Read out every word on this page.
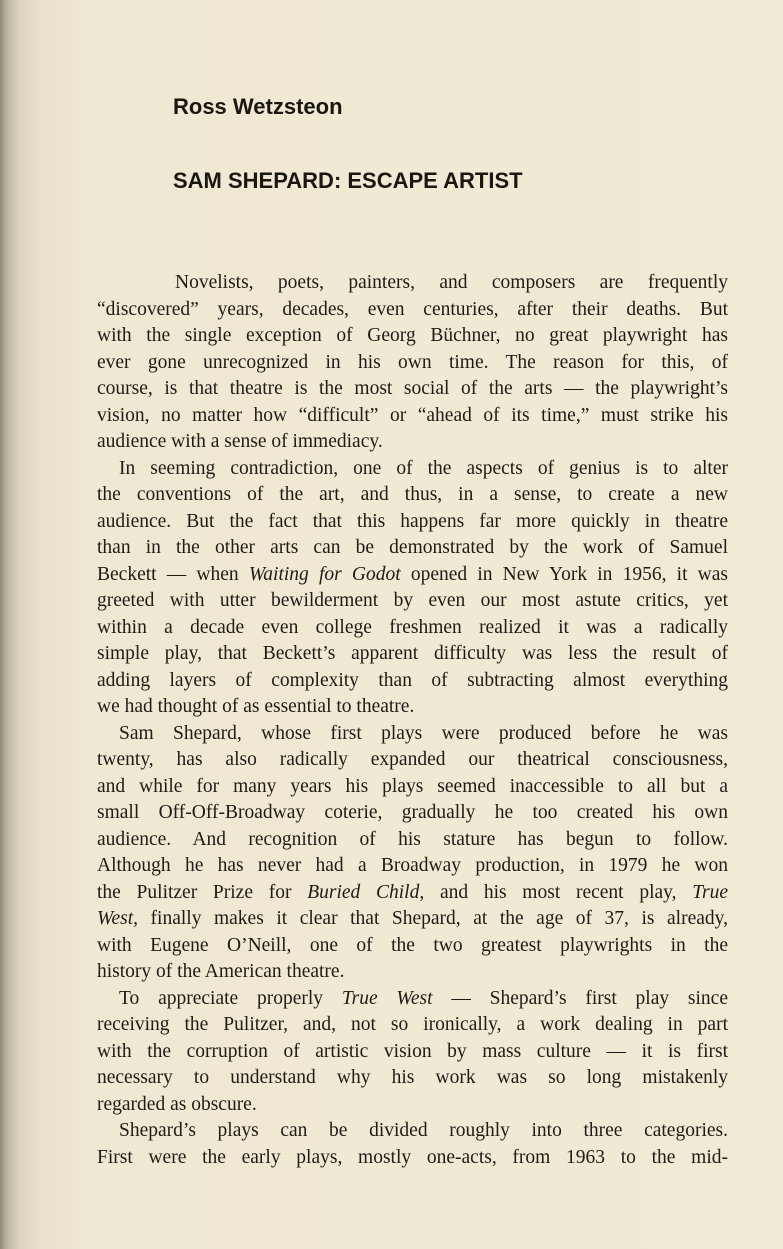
Ross Wetzsteon
SAM SHEPARD: ESCAPE ARTIST
Novelists, poets, painters, and composers are frequently
“discovered” years, decades, even centuries, after their deaths. But
with the single exception of Georg Büchner, no great playwright has
ever gone unrecognized in his own time. The reason for this, of
course, is that theatre is the most social of the arts — the playwright’s
vision, no matter how “difficult” or “ahead of its time,” must strike his
audience with a sense of immediacy.
In seeming contradiction, one of the aspects of genius is to alter
the conventions of the art, and thus, in a sense, to create a new
audience. But the fact that this happens far more quickly in theatre
than in the other arts can be demonstrated by the work of Samuel
Beckett — when Waiting for Godot opened in New York in 1956, it was
greeted with utter bewilderment by even our most astute critics, yet
within a decade even college freshmen realized it was a radically
simple play, that Beckett’s apparent difficulty was less the result of
adding layers of complexity than of subtracting almost everything
we had thought of as essential to theatre.
Sam Shepard, whose first plays were produced before he was
twenty, has also radically expanded our theatrical consciousness,
and while for many years his plays seemed inaccessible to all but a
small Off-Off-Broadway coterie, gradually he too created his own
audience. And recognition of his stature has begun to follow.
Although he has never had a Broadway production, in 1979 he won
the Pulitzer Prize for Buried Child, and his most recent play, True
West, finally makes it clear that Shepard, at the age of 37, is already,
with Eugene O’Neill, one of the two greatest playwrights in the
history of the American theatre.
To appreciate properly True West — Shepard’s first play since
receiving the Pulitzer, and, not so ironically, a work dealing in part
with the corruption of artistic vision by mass culture — it is first
necessary to understand why his work was so long mistakenly
regarded as obscure.
Shepard’s plays can be divided roughly into three categories.
First were the early plays, mostly one-acts, from 1963 to the mid-
